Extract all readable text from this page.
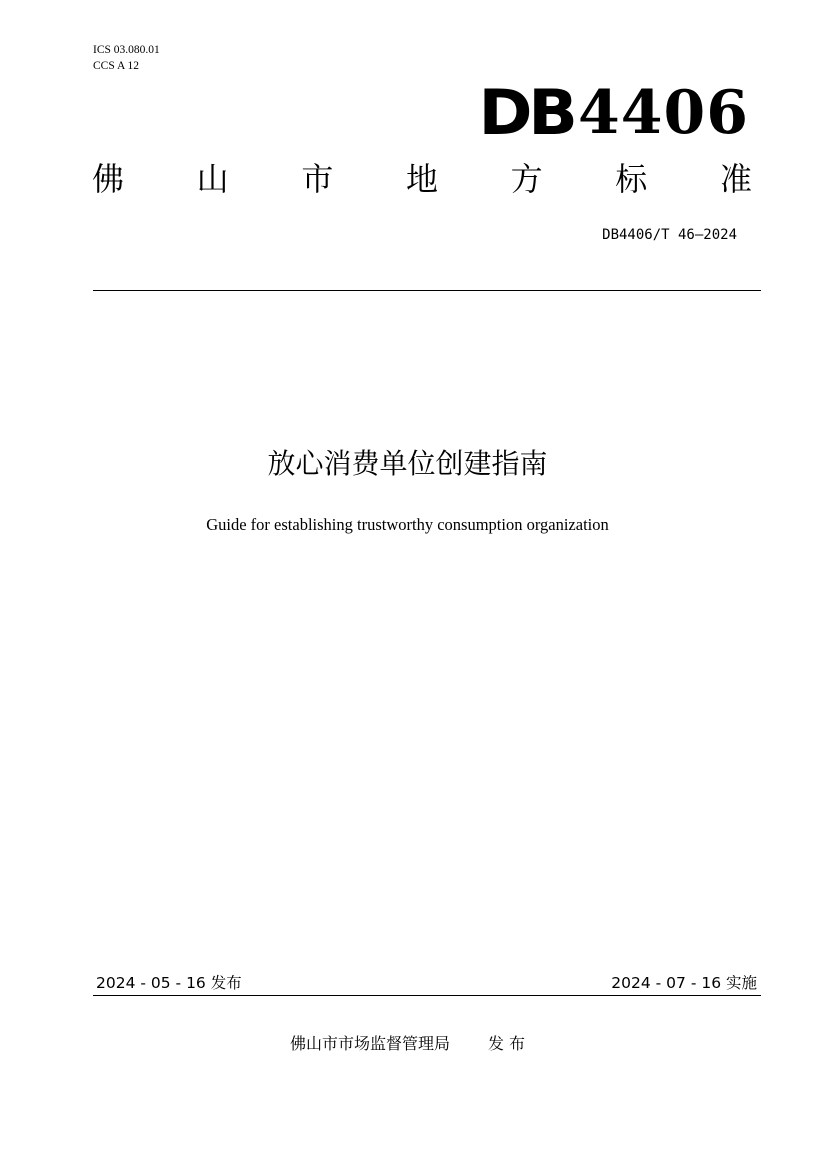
ICS 03.080.01
CCS A 12
DB 4406
佛 山 市 地 方 标 准
DB4406/T 46—2024
放心消费单位创建指南
Guide for establishing trustworthy consumption organization
2024 - 05 - 16 发布	2024 - 07 - 16 实施
佛山市市场监督管理局 发 布
